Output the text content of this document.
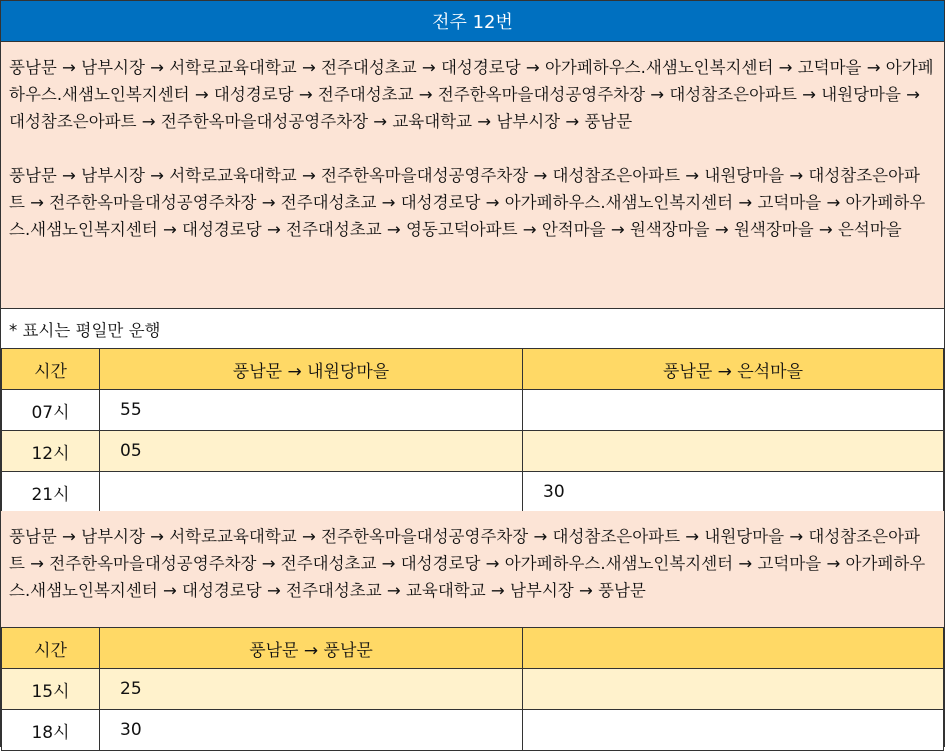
전주 12번

풍남문 → 남부시장 → 서학로교육대학교 → 전주대성초교 → 대성경로당 → 아가페하우스.새샘노인복지센터 → 고덕마을 → 아가페하우스.새샘노인복지센터 → 대성경로당 → 전주대성초교 → 전주한옥마을대성공영주차장 → 대성참조은아파트 → 내원당마을 → 대성참조은아파트 → 전주한옥마을대성공영주차장 → 교육대학교 → 남부시장 → 풍남문

풍남문 → 남부시장 → 서학로교육대학교 → 전주한옥마을대성공영주차장 → 대성참조은아파트 → 내원당마을 → 대성참조은아파트 → 전주한옥마을대성공영주차장 → 전주대성초교 → 대성경로당 → 아가페하우스.새샘노인복지센터 → 고덕마을 → 아가페하우스.새샘노인복지센터 → 대성경로당 → 전주대성초교 → 영동고덕아파트 → 안적마을 → 원색장마을 → 원색장마을 → 은석마을

* 표시는 평일만 운행
시간	풍남문 → 내원당마을	풍남문 → 은석마을
07시	55	
12시	05	
21시		30

풍남문 → 남부시장 → 서학로교육대학교 → 전주한옥마을대성공영주차장 → 대성참조은아파트 → 내원당마을 → 대성참조은아파트 → 전주한옥마을대성공영주차장 → 전주대성초교 → 대성경로당 → 아가페하우스.새샘노인복지센터 → 고덕마을 → 아가페하우스.새샘노인복지센터 → 대성경로당 → 전주대성초교 → 교육대학교 → 남부시장 → 풍남문

시간	풍남문 → 풍남문	
15시	25	
18시	30	
